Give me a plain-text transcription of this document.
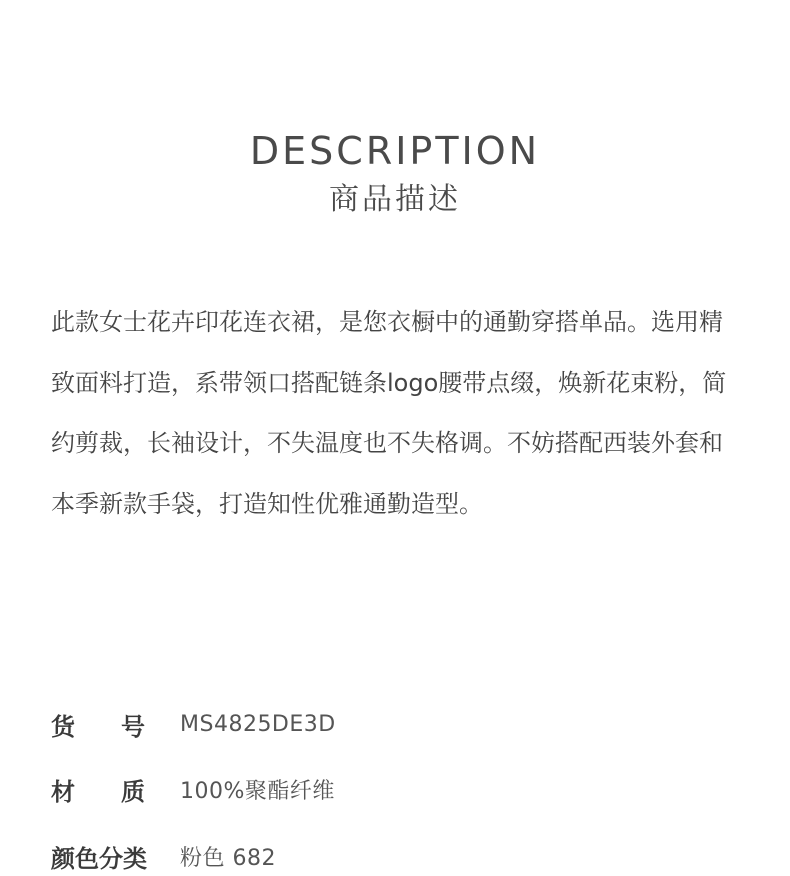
DESCRIPTION
商品描述

此款女士花卉印花连衣裙，是您衣橱中的通勤穿搭单品。选用精致面料打造，系带领口搭配链条logo腰带点缀，焕新花束粉，简约剪裁，长袖设计，不失温度也不失格调。不妨搭配西装外套和本季新款手袋，打造知性优雅通勤造型。

货 号 MS4825DE3D
材 质 100%聚酯纤维
颜色分类	粉色 682
